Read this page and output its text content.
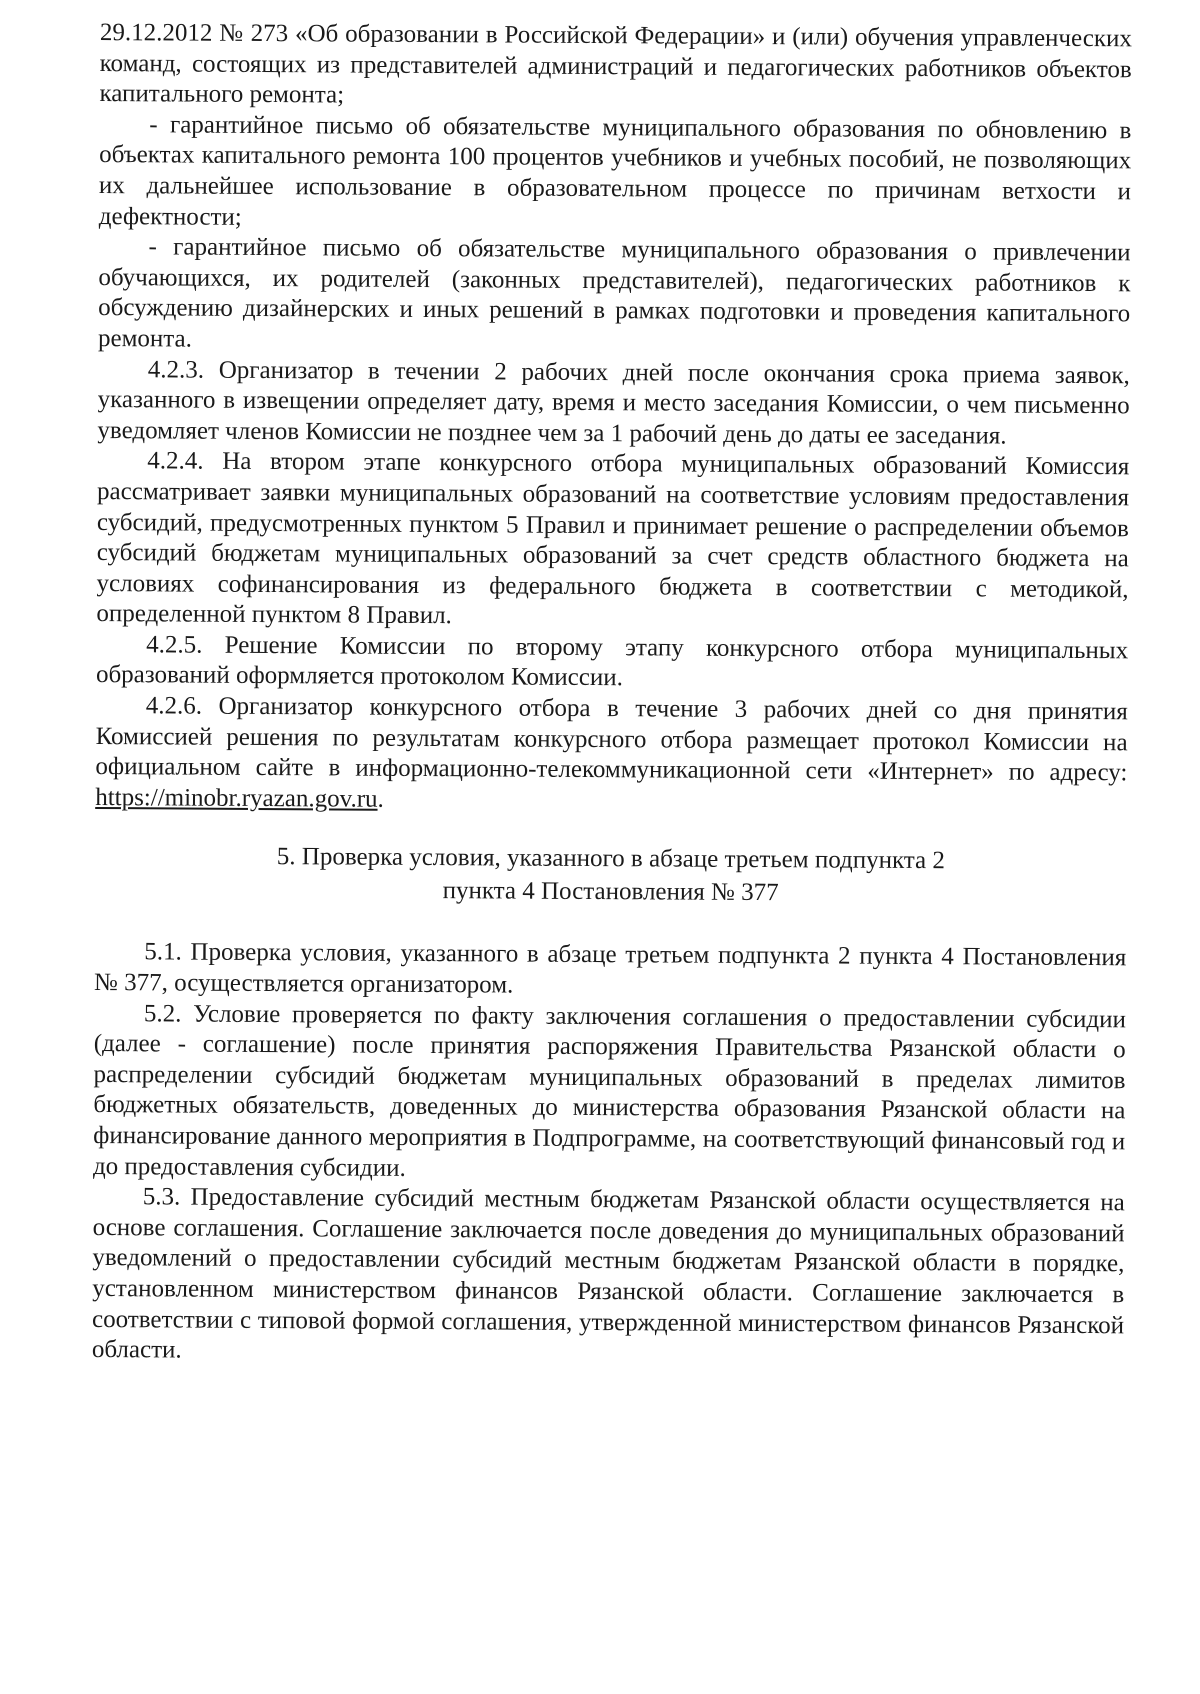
29.12.2012 № 273 «Об образовании в Российской Федерации» и (или) обучения управленческих команд, состоящих из представителей администраций и педагогических работников объектов капитального ремонта;

- гарантийное письмо об обязательстве муниципального образования по обновлению в объектах капитального ремонта 100 процентов учебников и учебных пособий, не позволяющих их дальнейшее использование в образовательном процессе по причинам ветхости и дефектности;

- гарантийное письмо об обязательстве муниципального образования о привлечении обучающихся, их родителей (законных представителей), педагогических работников к обсуждению дизайнерских и иных решений в рамках подготовки и проведения капитального ремонта.

4.2.3. Организатор в течении 2 рабочих дней после окончания срока приема заявок, указанного в извещении определяет дату, время и место заседания Комиссии, о чем письменно уведомляет членов Комиссии не позднее чем за 1 рабочий день до даты ее заседания.

4.2.4. На втором этапе конкурсного отбора муниципальных образований Комиссия рассматривает заявки муниципальных образований на соответствие условиям предоставления субсидий, предусмотренных пунктом 5 Правил и принимает решение о распределении объемов субсидий бюджетам муниципальных образований за счет средств областного бюджета на условиях софинансирования из федерального бюджета в соответствии с методикой, определенной пунктом 8 Правил.

4.2.5. Решение Комиссии по второму этапу конкурсного отбора муниципальных образований оформляется протоколом Комиссии.

4.2.6. Организатор конкурсного отбора в течение 3 рабочих дней со дня принятия Комиссией решения по результатам конкурсного отбора размещает протокол Комиссии на официальном сайте в информационно-телекоммуникационной сети «Интернет» по адресу: https://minobr.ryazan.gov.ru.

5. Проверка условия, указанного в абзаце третьем подпункта 2
пункта 4 Постановления № 377

5.1. Проверка условия, указанного в абзаце третьем подпункта 2 пункта 4 Постановления № 377, осуществляется организатором.

5.2. Условие проверяется по факту заключения соглашения о предоставлении субсидии (далее - соглашение) после принятия распоряжения Правительства Рязанской области о распределении субсидий бюджетам муниципальных образований в пределах лимитов бюджетных обязательств, доведенных до министерства образования Рязанской области на финансирование данного мероприятия в Подпрограмме, на соответствующий финансовый год и до предоставления субсидии.

5.3. Предоставление субсидий местным бюджетам Рязанской области осуществляется на основе соглашения. Соглашение заключается после доведения до муниципальных образований уведомлений о предоставлении субсидий местным бюджетам Рязанской области в порядке, установленном министерством финансов Рязанской области. Соглашение заключается в соответствии с типовой формой соглашения, утвержденной министерством финансов Рязанской области.
